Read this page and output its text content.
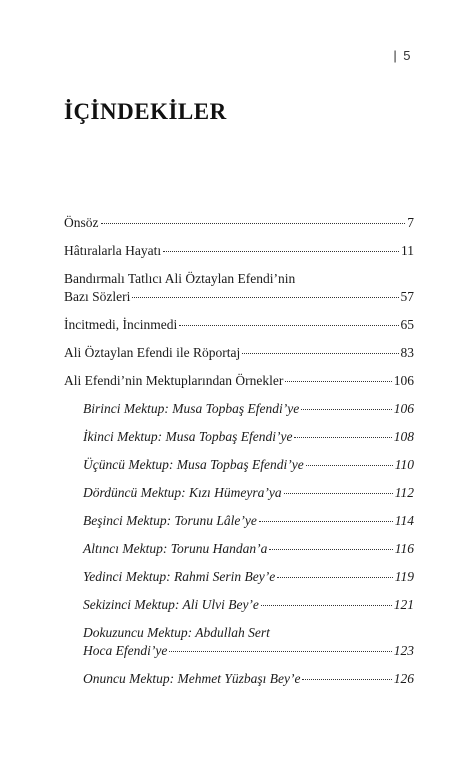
| 5
İÇİNDEKİLER
Önsöz	7
Hâtıralarla Hayatı	11
Bandırmalı Tatlıcı Ali Öztaylan Efendi’nin
Bazı Sözleri	57
İncitmedi, İncinmedi	65
Ali Öztaylan Efendi ile Röportaj	83
Ali Efendi’nin Mektuplarından Örnekler	106
Birinci Mektup: Musa Topbaş Efendi’ye	106
İkinci Mektup: Musa Topbaş Efendi’ye	108
Üçüncü Mektup: Musa Topbaş Efendi’ye	110
Dördüncü Mektup: Kızı Hümeyra’ya	112
Beşinci Mektup: Torunu Lâle’ye	114
Altıncı Mektup: Torunu Handan’a	116
Yedinci Mektup: Rahmi Serin Bey’e	119
Sekizinci Mektup: Ali Ulvi Bey’e	121
Dokuzuncu Mektup: Abdullah Sert
Hoca Efendi’ye	123
Onuncu Mektup: Mehmet Yüzbaşı Bey’e	126
